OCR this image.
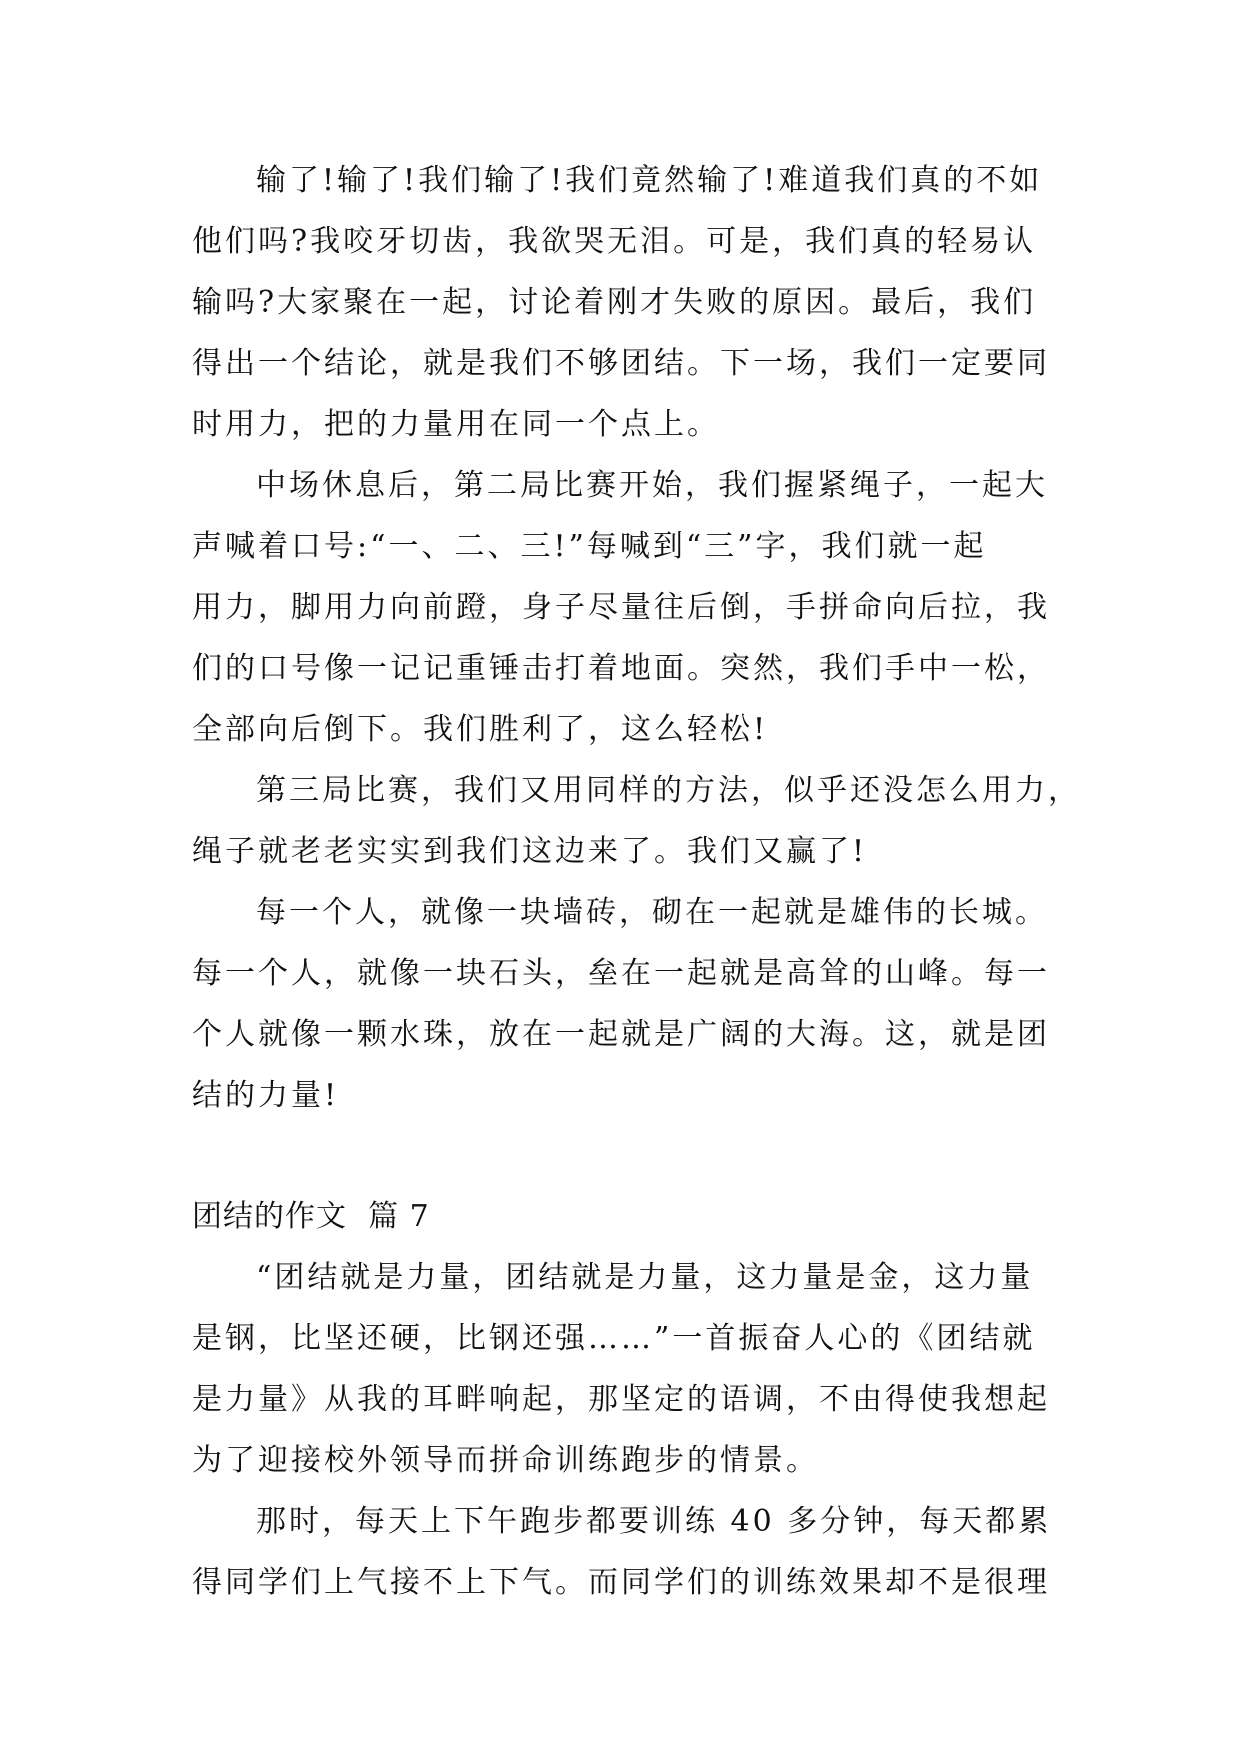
输了!输了!我们输了!我们竟然输了!难道我们真的不如
他们吗?我咬牙切齿，我欲哭无泪。可是，我们真的轻易认
输吗?大家聚在一起，讨论着刚才失败的原因。最后，我们
得出一个结论，就是我们不够团结。下一场，我们一定要同
时用力，把的力量用在同一个点上。
中场休息后，第二局比赛开始，我们握紧绳子，一起大
声喊着口号:“一、二、三!”每喊到“三”字，我们就一起
用力，脚用力向前蹬，身子尽量往后倒，手拼命向后拉，我
们的口号像一记记重锤击打着地面。突然，我们手中一松，
全部向后倒下。我们胜利了，这么轻松!
第三局比赛，我们又用同样的方法，似乎还没怎么用力，
绳子就老老实实到我们这边来了。我们又赢了!
每一个人，就像一块墙砖，砌在一起就是雄伟的长城。
每一个人，就像一块石头，垒在一起就是高耸的山峰。每一
个人就像一颗水珠，放在一起就是广阔的大海。这，就是团
结的力量!
团结的作文  篇 7
“团结就是力量，团结就是力量，这力量是金，这力量
是钢，比坚还硬，比钢还强……”一首振奋人心的《团结就
是力量》从我的耳畔响起，那坚定的语调，不由得使我想起
为了迎接校外领导而拼命训练跑步的情景。
那时，每天上下午跑步都要训练 40 多分钟，每天都累
得同学们上气接不上下气。而同学们的训练效果却不是很理
